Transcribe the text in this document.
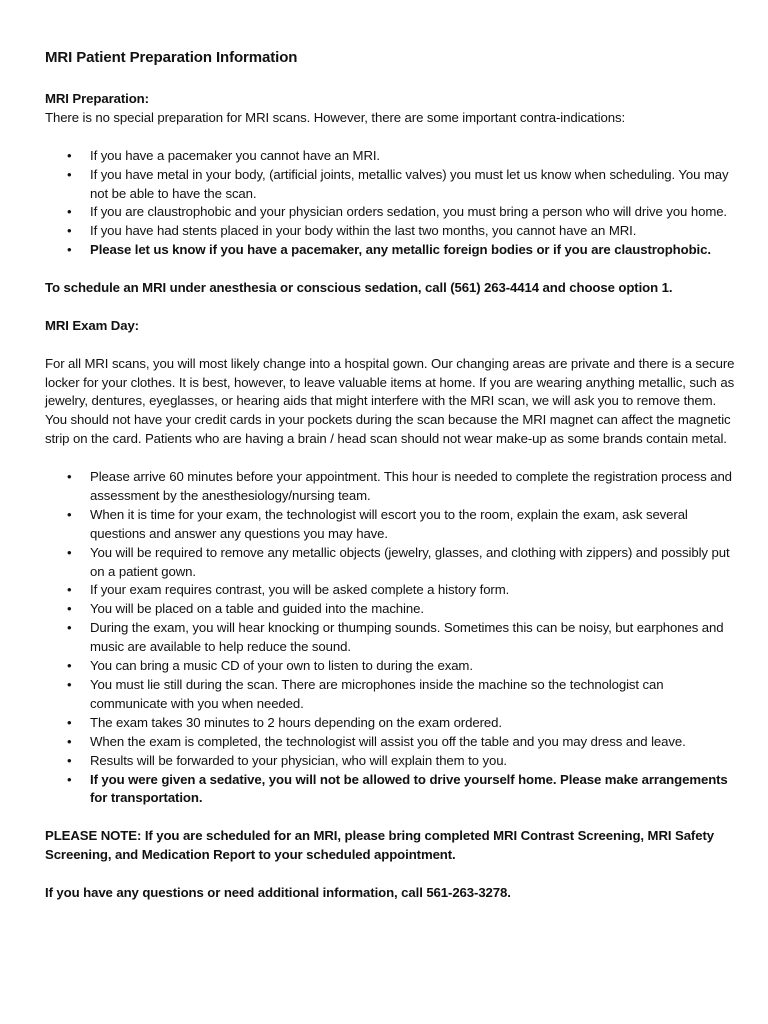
MRI Patient Preparation Information

MRI Preparation:

There is no special preparation for MRI scans. However, there are some important contra-indications:

• If you have a pacemaker you cannot have an MRI.
• If you have metal in your body, (artificial joints, metallic valves) you must let us know when scheduling. You may not be able to have the scan.
• If you are claustrophobic and your physician orders sedation, you must bring a person who will drive you home.
• If you have had stents placed in your body within the last two months, you cannot have an MRI.
• Please let us know if you have a pacemaker, any metallic foreign bodies or if you are claustrophobic.

To schedule an MRI under anesthesia or conscious sedation, call (561) 263-4414 and choose option 1.

MRI Exam Day:

For all MRI scans, you will most likely change into a hospital gown. Our changing areas are private and there is a secure locker for your clothes. It is best, however, to leave valuable items at home. If you are wearing anything metallic, such as jewelry, dentures, eyeglasses, or hearing aids that might interfere with the MRI scan, we will ask you to remove them. You should not have your credit cards in your pockets during the scan because the MRI magnet can affect the magnetic strip on the card. Patients who are having a brain / head scan should not wear make-up as some brands contain metal.

• Please arrive 60 minutes before your appointment. This hour is needed to complete the registration process and assessment by the anesthesiology/nursing team.
• When it is time for your exam, the technologist will escort you to the room, explain the exam, ask several questions and answer any questions you may have.
• You will be required to remove any metallic objects (jewelry, glasses, and clothing with zippers) and possibly put on a patient gown.
• If your exam requires contrast, you will be asked complete a history form.
• You will be placed on a table and guided into the machine.
• During the exam, you will hear knocking or thumping sounds. Sometimes this can be noisy, but earphones and music are available to help reduce the sound.
• You can bring a music CD of your own to listen to during the exam.
• You must lie still during the scan. There are microphones inside the machine so the technologist can communicate with you when needed.
• The exam takes 30 minutes to 2 hours depending on the exam ordered.
• When the exam is completed, the technologist will assist you off the table and you may dress and leave.
• Results will be forwarded to your physician, who will explain them to you.
• If you were given a sedative, you will not be allowed to drive yourself home. Please make arrangements for transportation.

PLEASE NOTE: If you are scheduled for an MRI, please bring completed MRI Contrast Screening, MRI Safety Screening, and Medication Report to your scheduled appointment.

If you have any questions or need additional information, call 561-263-3278.
